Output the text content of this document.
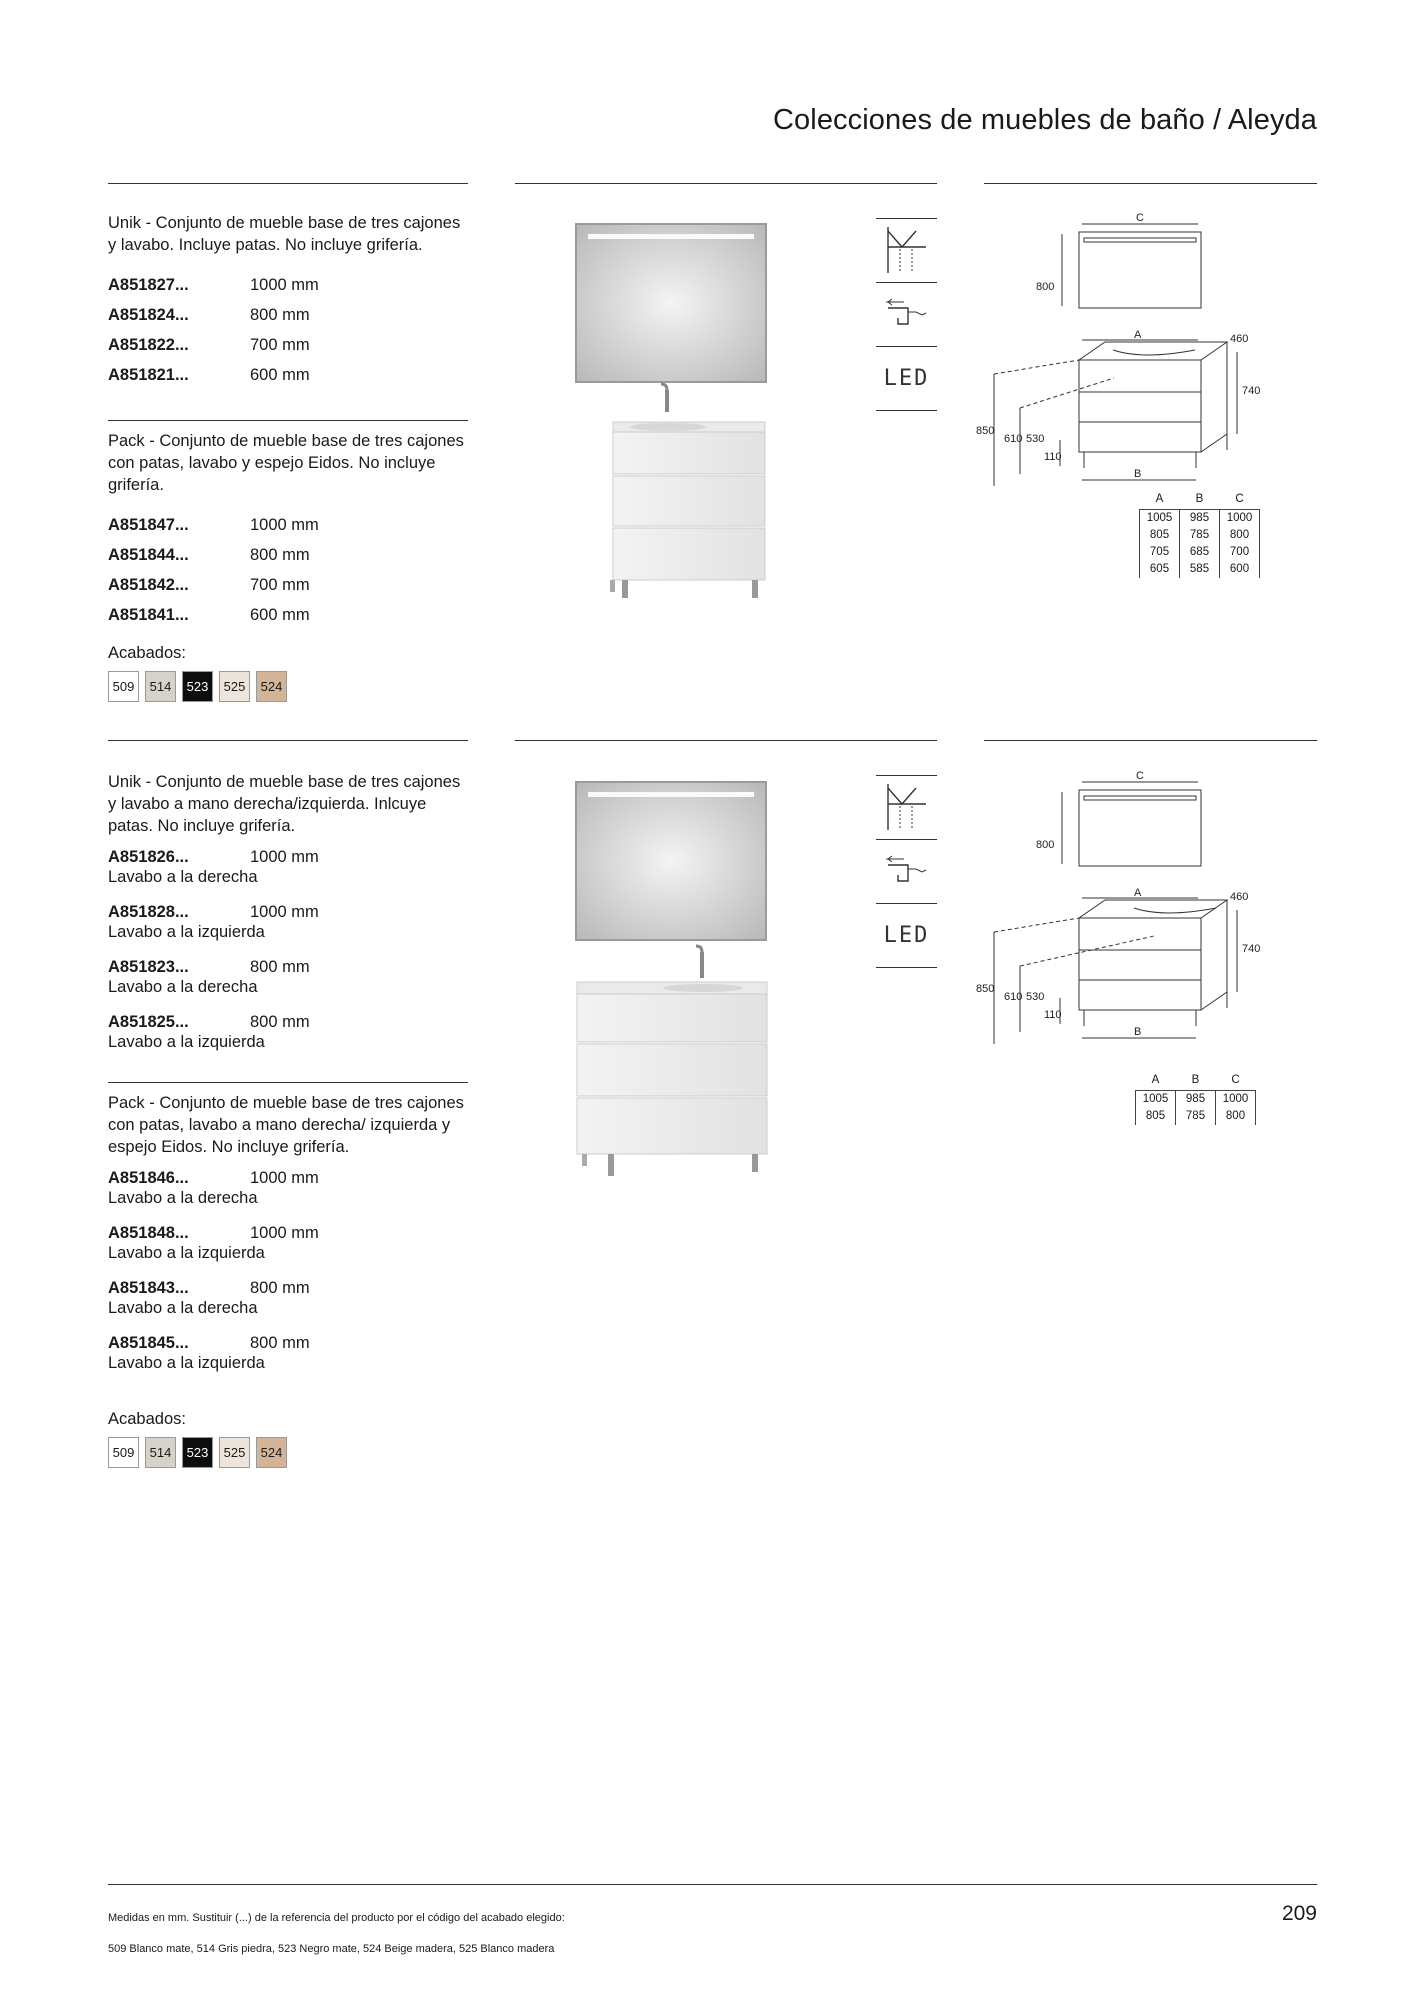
Colecciones de muebles de baño / Aleyda
Unik - Conjunto de mueble base de tres cajones y lavabo. Incluye patas. No incluye grifería.
A851827...	1000 mm
A851824...	800 mm
A851822...	700 mm
A851821...	600 mm
Pack - Conjunto de mueble base de tres cajones con patas, lavabo y espejo Eidos. No incluye grifería.
A851847...	1000 mm
A851844...	800 mm
A851842...	700 mm
A851841...	600 mm
Acabados:
509	514	523	525	524
LED
C
800
A	460
740
850
610 530
110
B
A	B	C
1005	985	1000
805	785	800
705	685	700
605	585	600
Unik - Conjunto de mueble base de tres cajones y lavabo a mano derecha/izquierda. Inlcuye patas. No incluye grifería.
A851826...	1000 mm
Lavabo a la derecha
A851828...	1000 mm
Lavabo a la izquierda
A851823...	800 mm
Lavabo a la derecha
A851825...	800 mm
Lavabo a la izquierda
Pack - Conjunto de mueble base de tres cajones con patas, lavabo a mano derecha/ izquierda y espejo Eidos. No incluye grifería.
A851846...	1000 mm
Lavabo a la derecha
A851848...	1000 mm
Lavabo a la izquierda
A851843...	800 mm
Lavabo a la derecha
A851845...	800 mm
Lavabo a la izquierda
Acabados:
509	514	523	525	524
LED
C
800
A	460
740
850
610 530
110
B
A	B	C
1005	985	1000
805	785	800
Medidas en mm. Sustituir (...) de la referencia del producto por el código del acabado elegido:
509 Blanco mate, 514 Gris piedra, 523 Negro mate, 524 Beige madera, 525 Blanco madera
209
